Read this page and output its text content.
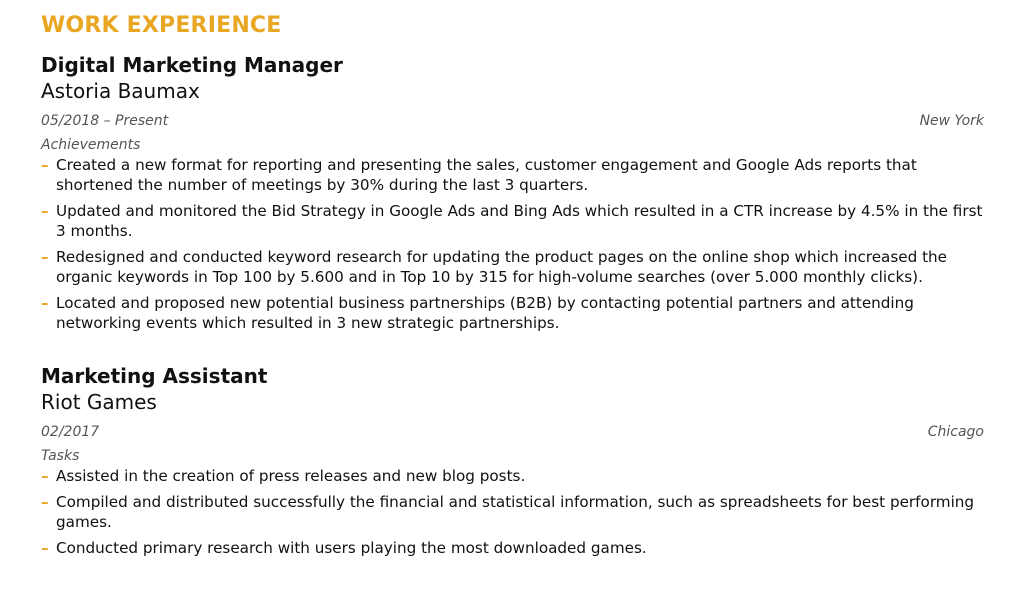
WORK EXPERIENCE
Digital Marketing Manager
Astoria Baumax
05/2018 – Present	New York
Achievements
– Created a new format for reporting and presenting the sales, customer engagement and Google Ads reports that shortened the number of meetings by 30% during the last 3 quarters.
– Updated and monitored the Bid Strategy in Google Ads and Bing Ads which resulted in a CTR increase by 4.5% in the first 3 months.
– Redesigned and conducted keyword research for updating the product pages on the online shop which increased the organic keywords in Top 100 by 5.600 and in Top 10 by 315 for high-volume searches (over 5.000 monthly clicks).
– Located and proposed new potential business partnerships (B2B) by contacting potential partners and attending networking events which resulted in 3 new strategic partnerships.
Marketing Assistant
Riot Games
02/2017	Chicago
Tasks
– Assisted in the creation of press releases and new blog posts.
– Compiled and distributed successfully the financial and statistical information, such as spreadsheets for best performing games.
– Conducted primary research with users playing the most downloaded games.
